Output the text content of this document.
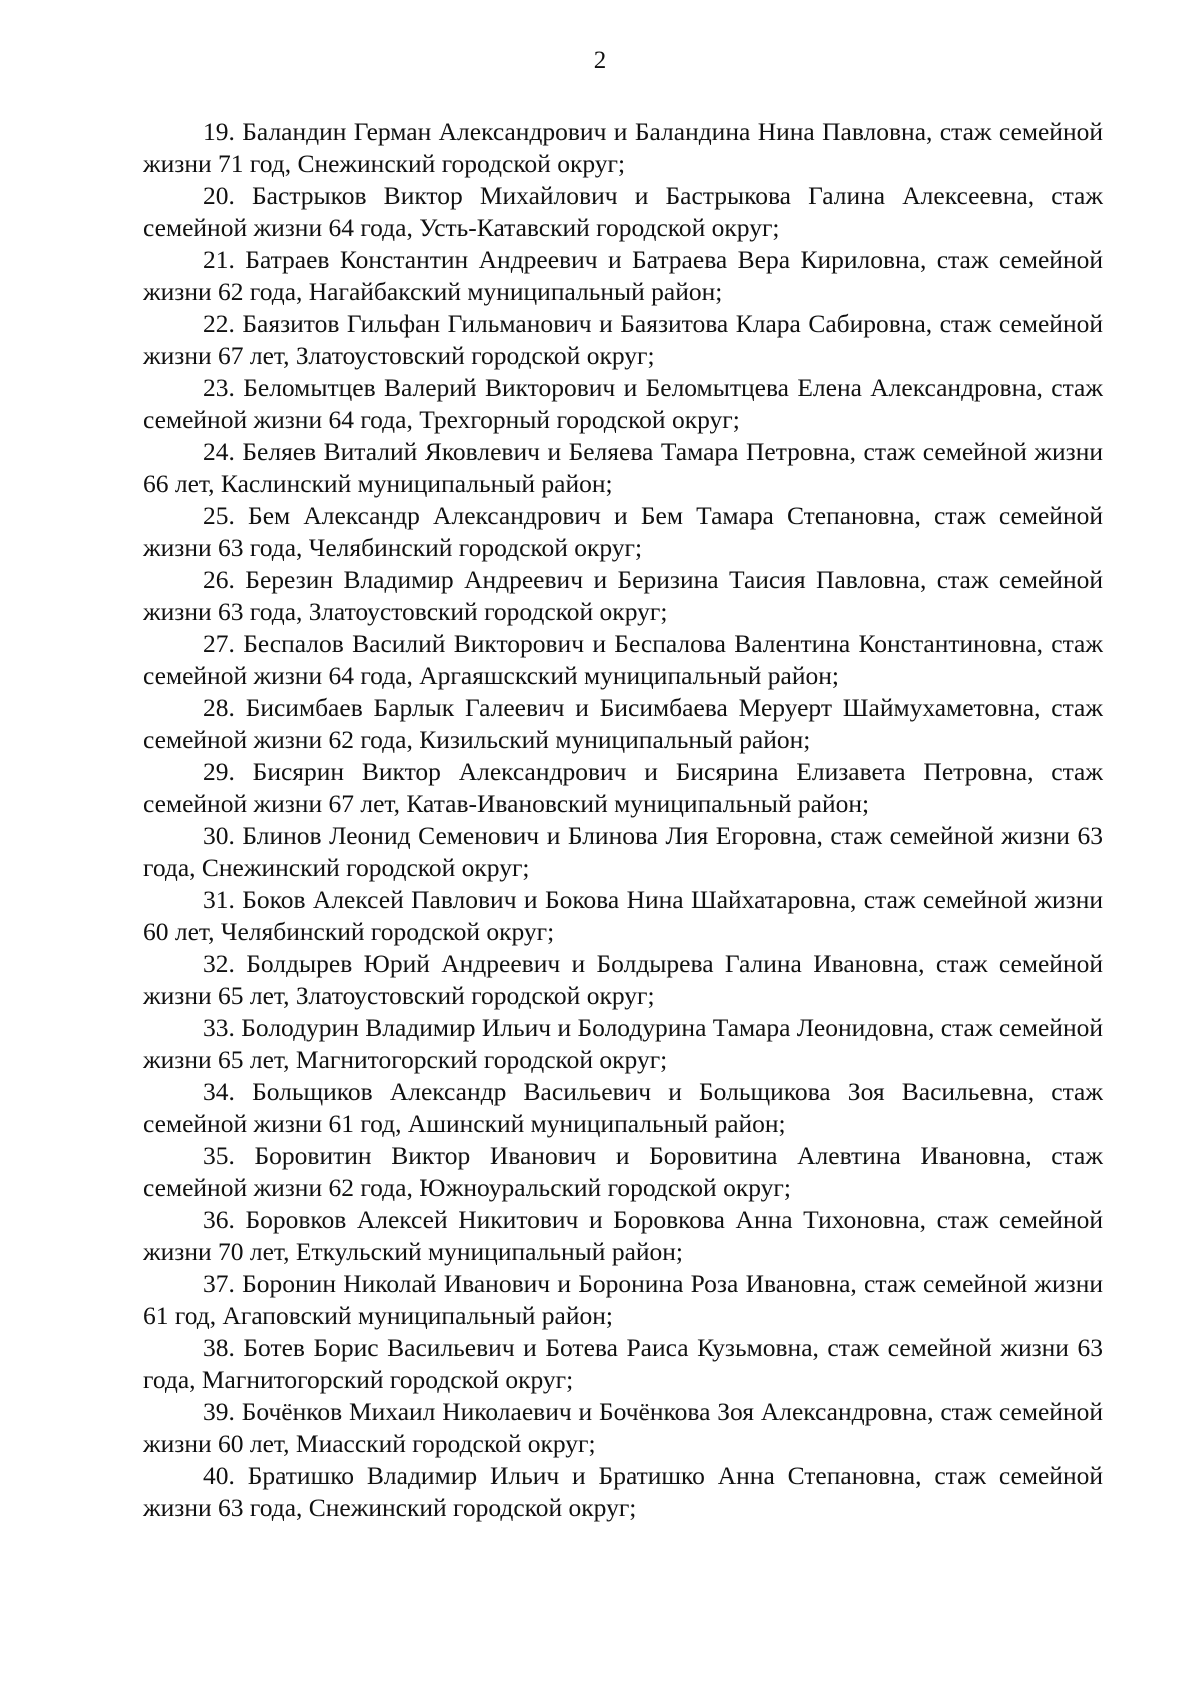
2

19. Баландин Герман Александрович и Баландина Нина Павловна, стаж семейной жизни 71 год, Снежинский городской округ;

20. Бастрыков Виктор Михайлович и Бастрыкова Галина Алексеевна, стаж семейной жизни 64 года, Усть-Катавский городской округ;

21. Батраев Константин Андреевич и Батраева Вера Кириловна, стаж семейной жизни 62 года, Нагайбакский муниципальный район;

22. Баязитов Гильфан Гильманович и Баязитова Клара Сабировна, стаж семейной жизни 67 лет, Златоустовский городской округ;

23. Беломытцев Валерий Викторович и Беломытцева Елена Александровна, стаж семейной жизни 64 года, Трехгорный городской округ;

24. Беляев Виталий Яковлевич и Беляева Тамара Петровна, стаж семейной жизни 66 лет, Каслинский муниципальный район;

25. Бем Александр Александрович и Бем Тамара Степановна, стаж семейной жизни 63 года, Челябинский городской округ;

26. Березин Владимир Андреевич и Беризина Таисия Павловна, стаж семейной жизни 63 года, Златоустовский городской округ;

27. Беспалов Василий Викторович и Беспалова Валентина Константиновна, стаж семейной жизни 64 года, Аргаяшскский муниципальный район;

28. Бисимбаев Барлык Галеевич и Бисимбаева Меруерт Шаймухаметовна, стаж семейной жизни 62 года, Кизильский муниципальный район;

29. Бисярин Виктор Александрович и Бисярина Елизавета Петровна, стаж семейной жизни 67 лет, Катав-Ивановский муниципальный район;

30. Блинов Леонид Семенович и Блинова Лия Егоровна, стаж семейной жизни 63 года, Снежинский городской округ;

31. Боков Алексей Павлович и Бокова Нина Шайхатаровна, стаж семейной жизни 60 лет, Челябинский городской округ;

32. Болдырев Юрий Андреевич и Болдырева Галина Ивановна, стаж семейной жизни 65 лет, Златоустовский городской округ;

33. Болодурин Владимир Ильич и Болодурина Тамара Леонидовна, стаж семейной жизни 65 лет, Магнитогорский городской округ;

34. Больщиков Александр Васильевич и Больщикова Зоя Васильевна, стаж семейной жизни 61 год, Ашинский муниципальный район;

35. Боровитин Виктор Иванович и Боровитина Алевтина Ивановна, стаж семейной жизни 62 года, Южноуральский городской округ;

36. Боровков Алексей Никитович и Боровкова Анна Тихоновна, стаж семейной жизни 70 лет, Еткульский муниципальный район;

37. Боронин Николай Иванович и Боронина Роза Ивановна, стаж семейной жизни 61 год, Агаповский муниципальный район;

38. Ботев Борис Васильевич и Ботева Раиса Кузьмовна, стаж семейной жизни 63 года, Магнитогорский городской округ;

39. Бочёнков Михаил Николаевич и Бочёнкова Зоя Александровна, стаж семейной жизни 60 лет, Миасский городской округ;

40. Братишко Владимир Ильич и Братишко Анна Степановна, стаж семейной жизни 63 года, Снежинский городской округ;
